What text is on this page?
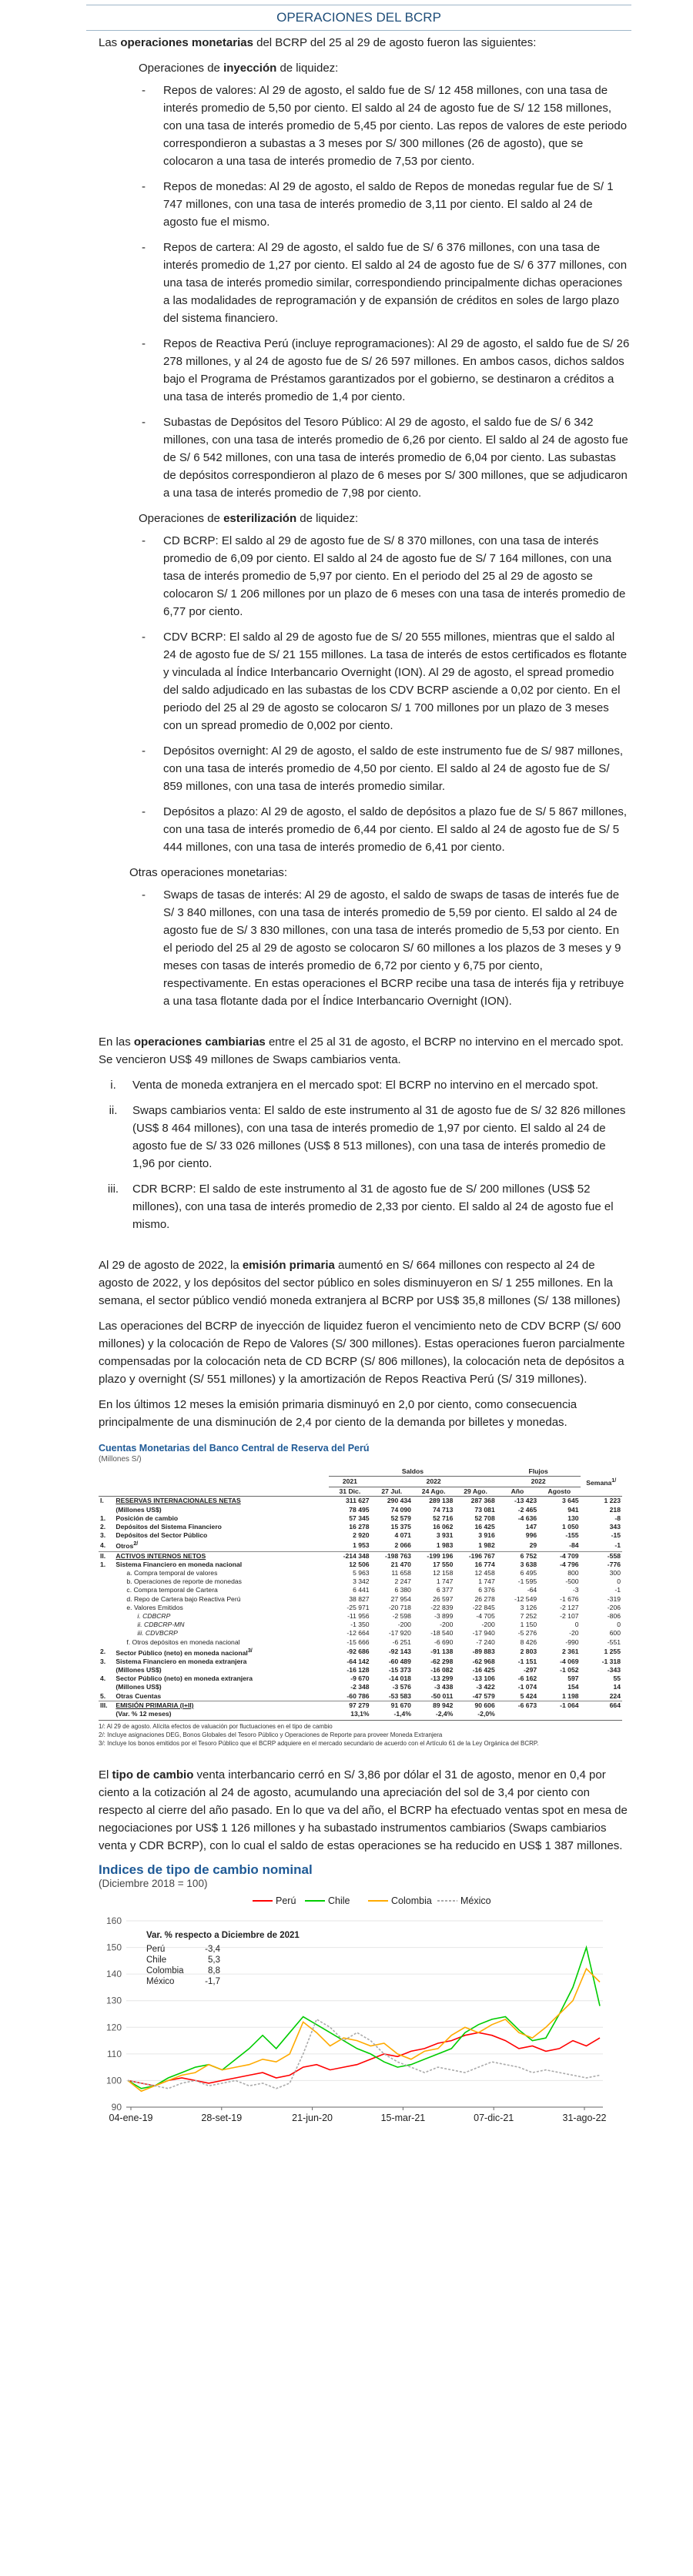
OPERACIONES DEL BCRP

Las operaciones monetarias del BCRP del 25 al 29 de agosto fueron las siguientes:

Operaciones de inyección de liquidez:

- Repos de valores: Al 29 de agosto, el saldo fue de S/ 12 458 millones, con una tasa de interés promedio de 5,50 por ciento. El saldo al 24 de agosto fue de S/ 12 158 millones, con una tasa de interés promedio de 5,45 por ciento. Las repos de valores de este periodo correspondieron a subastas a 3 meses por S/ 300 millones (26 de agosto), que se colocaron a una tasa de interés promedio de 7,53 por ciento.
- Repos de monedas: Al 29 de agosto, el saldo de Repos de monedas regular fue de S/ 1 747 millones, con una tasa de interés promedio de 3,11 por ciento. El saldo al 24 de agosto fue el mismo.
- Repos de cartera: Al 29 de agosto, el saldo fue de S/ 6 376 millones, con una tasa de interés promedio de 1,27 por ciento. El saldo al 24 de agosto fue de S/ 6 377 millones, con una tasa de interés promedio similar, correspondiendo principalmente dichas operaciones a las modalidades de reprogramación y de expansión de créditos en soles de largo plazo del sistema financiero.
- Repos de Reactiva Perú (incluye reprogramaciones): Al 29 de agosto, el saldo fue de S/ 26 278 millones, y al 24 de agosto fue de S/ 26 597 millones. En ambos casos, dichos saldos bajo el Programa de Préstamos garantizados por el gobierno, se destinaron a créditos a una tasa de interés promedio de 1,4 por ciento.
- Subastas de Depósitos del Tesoro Público: Al 29 de agosto, el saldo fue de S/ 6 342 millones, con una tasa de interés promedio de 6,26 por ciento. El saldo al 24 de agosto fue de S/ 6 542 millones, con una tasa de interés promedio de 6,04 por ciento. Las subastas de depósitos correspondieron al plazo de 6 meses por S/ 300 millones, que se adjudicaron a una tasa de interés promedio de 7,98 por ciento.

Operaciones de esterilización de liquidez:

- CD BCRP: El saldo al 29 de agosto fue de S/ 8 370 millones, con una tasa de interés promedio de 6,09 por ciento. El saldo al 24 de agosto fue de S/ 7 164 millones, con una tasa de interés promedio de 5,97 por ciento. En el periodo del 25 al 29 de agosto se colocaron S/ 1 206 millones por un plazo de 6 meses con una tasa de interés promedio de 6,77 por ciento.
- CDV BCRP: El saldo al 29 de agosto fue de S/ 20 555 millones, mientras que el saldo al 24 de agosto fue de S/ 21 155 millones. La tasa de interés de estos certificados es flotante y vinculada al Índice Interbancario Overnight (ION). Al 29 de agosto, el spread promedio del saldo adjudicado en las subastas de los CDV BCRP asciende a 0,02 por ciento. En el periodo del 25 al 29 de agosto se colocaron S/ 1 700 millones por un plazo de 3 meses con un spread promedio de 0,002 por ciento.
- Depósitos overnight: Al 29 de agosto, el saldo de este instrumento fue de S/ 987 millones, con una tasa de interés promedio de 4,50 por ciento. El saldo al 24 de agosto fue de S/ 859 millones, con una tasa de interés promedio similar.
- Depósitos a plazo: Al 29 de agosto, el saldo de depósitos a plazo fue de S/ 5 867 millones, con una tasa de interés promedio de 6,44 por ciento. El saldo al 24 de agosto fue de S/ 5 444 millones, con una tasa de interés promedio de 6,41 por ciento.

Otras operaciones monetarias:

- Swaps de tasas de interés: Al 29 de agosto, el saldo de swaps de tasas de interés fue de S/ 3 840 millones, con una tasa de interés promedio de 5,59 por ciento. El saldo al 24 de agosto fue de S/ 3 830 millones, con una tasa de interés promedio de 5,53 por ciento. En el periodo del 25 al 29 de agosto se colocaron S/ 60 millones a los plazos de 3 meses y 9 meses con tasas de interés promedio de 6,72 por ciento y 6,75 por ciento, respectivamente. En estas operaciones el BCRP recibe una tasa de interés fija y retribuye a una tasa flotante dada por el Índice Interbancario Overnight (ION).

En las operaciones cambiarias entre el 25 al 31 de agosto, el BCRP no intervino en el mercado spot. Se vencieron US$ 49 millones de Swaps cambiarios venta.

i.	Venta de moneda extranjera en el mercado spot: El BCRP no intervino en el mercado spot.
ii.	Swaps cambiarios venta: El saldo de este instrumento al 31 de agosto fue de S/ 32 826 millones (US$ 8 464 millones), con una tasa de interés promedio de 1,97 por ciento. El saldo al 24 de agosto fue de S/ 33 026 millones (US$ 8 513 millones), con una tasa de interés promedio de 1,96 por ciento.
iii.	CDR BCRP: El saldo de este instrumento al 31 de agosto fue de S/ 200 millones (US$ 52 millones), con una tasa de interés promedio de 2,33 por ciento. El saldo al 24 de agosto fue el mismo.

Al 29 de agosto de 2022, la emisión primaria aumentó en S/ 664 millones con respecto al 24 de agosto de 2022, y los depósitos del sector público en soles disminuyeron en S/ 1 255 millones. En la semana, el sector público vendió moneda extranjera al BCRP por US$ 35,8 millones (S/ 138 millones)

Las operaciones del BCRP de inyección de liquidez fueron el vencimiento neto de CDV BCRP (S/ 600 millones) y la colocación de Repo de Valores (S/ 300 millones). Estas operaciones fueron parcialmente compensadas por la colocación neta de CD BCRP (S/ 806 millones), la colocación neta de depósitos a plazo y overnight (S/ 551 millones) y la amortización de Repos Reactiva Perú (S/ 319 millones).

En los últimos 12 meses la emisión primaria disminuyó en 2,0 por ciento, como consecuencia principalmente de una disminución de 2,4 por ciento de la demanda por billetes y monedas.

Cuentas Monetarias del Banco Central de Reserva del Perú
(Millones S/)
		Saldos				Flujos		
		2021	2022			2022		Semana$^{1/}$
		31 Dic.	27 Jul.	24 Ago.	29 Ago.	Año	Agosto	
I.	RESERVAS INTERNACIONALES NETAS	311 627	290 434	289 138	287 368	-13 423	3 645	1 223
	(Millones US$)	78 495	74 090	74 713	73 081	-2 465	941	218
1.	Posición de cambio	57 345	52 579	52 716	52 708	-4 636	130	-8
2.	Depósitos del Sistema Financiero	16 278	15 375	16 062	16 425	147	1 050	343
3.	Depósitos del Sector Público	2 920	4 071	3 931	3 916	996	-155	-15
4.	Otros$^{2/}$	1 953	2 066	1 983	1 982	29	-84	-1
II.	ACTIVOS INTERNOS NETOS	-214 348	-198 763	-199 196	-196 767	6 752	-4 709	-558
1.	Sistema Financiero en moneda nacional	12 506	21 470	17 550	16 774	3 638	-4 796	-776
	a. Compra temporal de valores	5 963	11 658	12 158	12 458	6 495	800	300
	b. Operaciones de reporte de monedas	3 342	2 247	1 747	1 747	-1 595	-500	0
	c. Compra temporal de Cartera	6 441	6 380	6 377	6 376	-64	-3	-1
	d. Repo de Cartera bajo Reactiva Perú	38 827	27 954	26 597	26 278	-12 549	-1 676	-319
	e. Valores Emitidos	-25 971	-20 718	-22 839	-22 845	3 126	-2 127	-206
	i. CDBCRP	-11 956	-2 598	-3 899	-4 705	7 252	-2 107	-806
	ii. CDBCRP-MN	-1 350	-200	-200	-200	1 150	0	0
	iii. CDVBCRP	-12 664	-17 920	-18 540	-17 940	-5 276	-20	600
	f. Otros depósitos en moneda nacional	-15 666	-6 251	-6 690	-7 240	8 426	-990	-551
2.	Sector Público (neto) en moneda nacional$^{3/}$	-92 686	-92 143	-91 138	-89 883	2 803	2 361	1 255
3.	Sistema Financiero en moneda extranjera	-64 142	-60 489	-62 298	-62 968	-1 151	-4 069	-1 318
	(Millones US$)	-16 128	-15 373	-16 082	-16 425	-297	-1 052	-343
4.	Sector Público (neto) en moneda extranjera	-9 670	-14 018	-13 299	-13 106	-6 162	597	55
	(Millones US$)	-2 348	-3 576	-3 438	-3 422	-1 074	154	14
5.	Otras Cuentas	-60 786	-53 583	-50 011	-47 579	5 424	1 198	224
III.	EMISIÓN PRIMARIA (I+II)	97 279	91 670	89 942	90 606	-6 673	-1 064	664
	(Var. % 12 meses)	13,1%	-1,4%	-2,4%	-2,0%			
1/: Al 29 de agosto. Alícita efectos de valuación por fluctuaciones en el tipo de cambio
2/: Incluye asignaciones DEG, Bonos Globales del Tesoro Público y Operaciones de Reporte para proveer Moneda Extranjera
3/: Incluye los bonos emitidos por el Tesoro Público que el BCRP adquiere en el mercado secundario de acuerdo con el Artículo 61 de la Ley Orgánica del BCRP.

El tipo de cambio venta interbancario cerró en S/ 3,86 por dólar el 31 de agosto, menor en 0,4 por ciento a la cotización al 24 de agosto, acumulando una apreciación del sol de 3,4 por ciento con respecto al cierre del año pasado. En lo que va del año, el BCRP ha efectuado ventas spot en mesa de negociaciones por US$ 1 126 millones y ha subastado instrumentos cambiarios (Swaps cambiarios venta y CDR BCRP), con lo cual el saldo de estas operaciones se ha reducido en US$ 1 387 millones.

Indices de tipo de cambio nominal
(Diciembre 2018 = 100)
90
100
110
120
130
140
150
160
04-ene-19	28-set-19	21-jun-20	15-mar-21	07-dic-21	31-ago-22
Perú	Chile	Colombia	México
Var. % respecto a Diciembre de 2021
Perú	-3,4
Chile	5,3
Colombia	8,8
México	-1,7
